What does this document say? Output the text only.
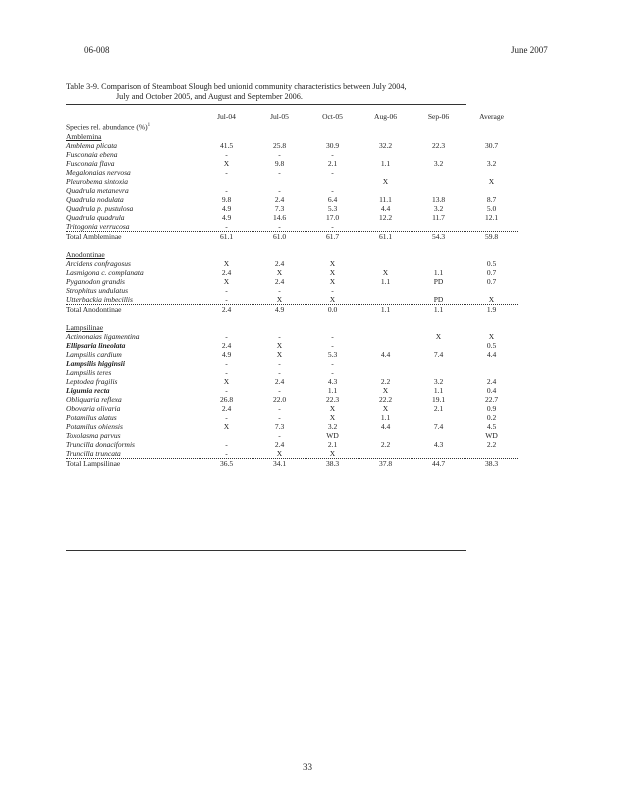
06-008	June 2007
Table 3-9. Comparison of Steamboat Slough bed unionid community characteristics between July 2004,
July and October 2005, and August and September 2006.
	Jul-04	Jul-05	Oct-05	Aug-06	Sep-06	Average
Species rel. abundance (%)$^1$
Amblemina						
Amblema plicata	41.5	25.8	30.9	32.2	22.3	30.7
Fusconaia ebena	-	-	-			
Fusconaia flava	X	9.8	2.1	1.1	3.2	3.2
Megalonaias nervosa	-	-	-			
Pleurobema sintoxia				X		X
Quadrula metanevra	-	-	-			
Quadrula nodulata	9.8	2.4	6.4	11.1	13.8	8.7
Quadrula p. pustulosa	4.9	7.3	5.3	4.4	3.2	5.0
Quadrula quadrula	4.9	14.6	17.0	12.2	11.7	12.1
Tritogonia verrucosa	-	-	-			
Total Ambleminae	61.1	61.0	61.7	61.1	54.3	59.8

Anodontinae						
Arcidens confragosus	X	2.4	X			0.5
Lasmigona c. complanata	2.4	X	X	X	1.1	0.7
Pyganodon grandis	X	2.4	X	1.1	PD	0.7
Strophitus undulatus	-	-	-			
Utterbackia imbecillis	-	X	X		PD	X
Total Anodontinae	2.4	4.9	0.0	1.1	1.1	1.9

Lampsilinae						
Actinonaias ligamentina	-	-	-		X	X
Ellipsaria lineolata	2.4	X	-			0.5
Lampsilis cardium	4.9	X	5.3	4.4	7.4	4.4
Lampsilis higginsii	-	-	-			
Lampsilis teres	-	-	-			
Leptodea fragilis	X	2.4	4.3	2.2	3.2	2.4
Ligumia recta	-	-	1.1	X	1.1	0.4
Obliquaria reflexa	26.8	22.0	22.3	22.2	19.1	22.7
Obovaria olivaria	2.4	-	X	X	2.1	0.9
Potamilus alatus	-	-	X	1.1		0.2
Potamilus ohiensis	X	7.3	3.2	4.4	7.4	4.5
Toxolasma parvus		-	WD			WD
Truncilla donaciformis	-	2.4	2.1	2.2	4.3	2.2
Truncilla truncata	-	X	X			
Total Lampsilinae	36.5	34.1	38.3	37.8	44.7	38.3
33
